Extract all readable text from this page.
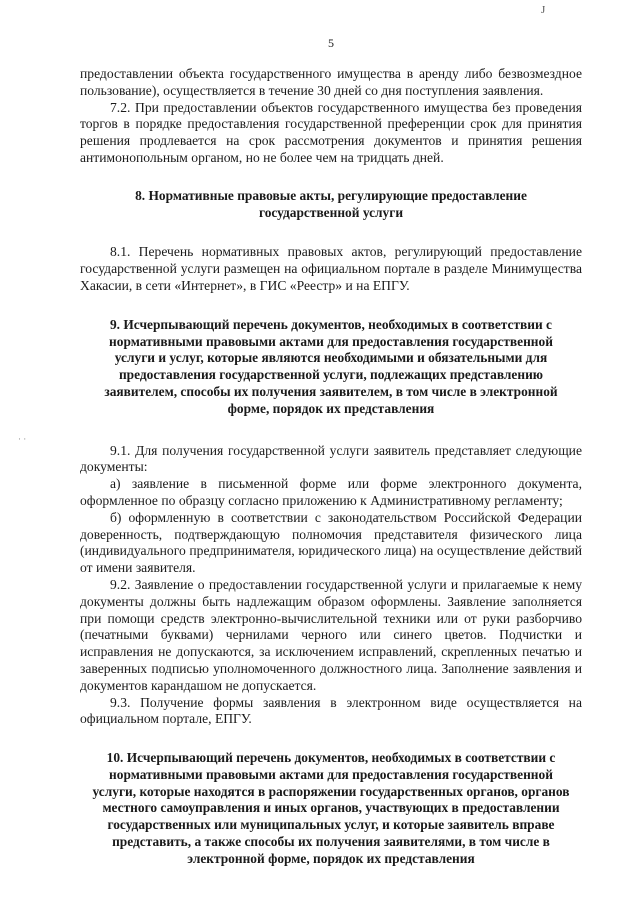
J
· ·
5

предоставлении объекта государственного имущества в аренду либо безвозмездное пользование), осуществляется в течение 30 дней со дня поступления заявления.

7.2. При предоставлении объектов государственного имущества без проведения торгов в порядке предоставления государственной преференции срок для принятия решения продлевается на срок рассмотрения документов и принятия решения антимонопольным органом, но не более чем на тридцать дней.

8. Нормативные правовые акты, регулирующие предоставление государственной услуги

8.1. Перечень нормативных правовых актов, регулирующий предоставление государственной услуги размещен на официальном портале в разделе Минимущества Хакасии, в сети «Интернет», в ГИС «Реестр» и на ЕПГУ.

9. Исчерпывающий перечень документов, необходимых в соответствии с нормативными правовыми актами для предоставления государственной услуги и услуг, которые являются необходимыми и обязательными для предоставления государственной услуги, подлежащих представлению заявителем, способы их получения заявителем, в том числе в электронной форме, порядок их представления

9.1. Для получения государственной услуги заявитель представляет следующие документы:

а) заявление в письменной форме или форме электронного документа, оформленное по образцу согласно приложению к Административному регламенту;

б) оформленную в соответствии с законодательством Российской Федерации доверенность, подтверждающую полномочия представителя физического лица (индивидуального предпринимателя, юридического лица) на осуществление действий от имени заявителя.

9.2. Заявление о предоставлении государственной услуги и прилагаемые к нему документы должны быть надлежащим образом оформлены. Заявление заполняется при помощи средств электронно-вычислительной техники или от руки разборчиво (печатными буквами) чернилами черного или синего цветов. Подчистки и исправления не допускаются, за исключением исправлений, скрепленных печатью и заверенных подписью уполномоченного должностного лица. Заполнение заявления и документов карандашом не допускается.

9.3. Получение формы заявления в электронном виде осуществляется на официальном портале, ЕПГУ.

10. Исчерпывающий перечень документов, необходимых в соответствии с нормативными правовыми актами для предоставления государственной услуги, которые находятся в распоряжении государственных органов, органов местного самоуправления и иных органов, участвующих в предоставлении государственных или муниципальных услуг, и которые заявитель вправе представить, а также способы их получения заявителями, в том числе в электронной форме, порядок их представления
